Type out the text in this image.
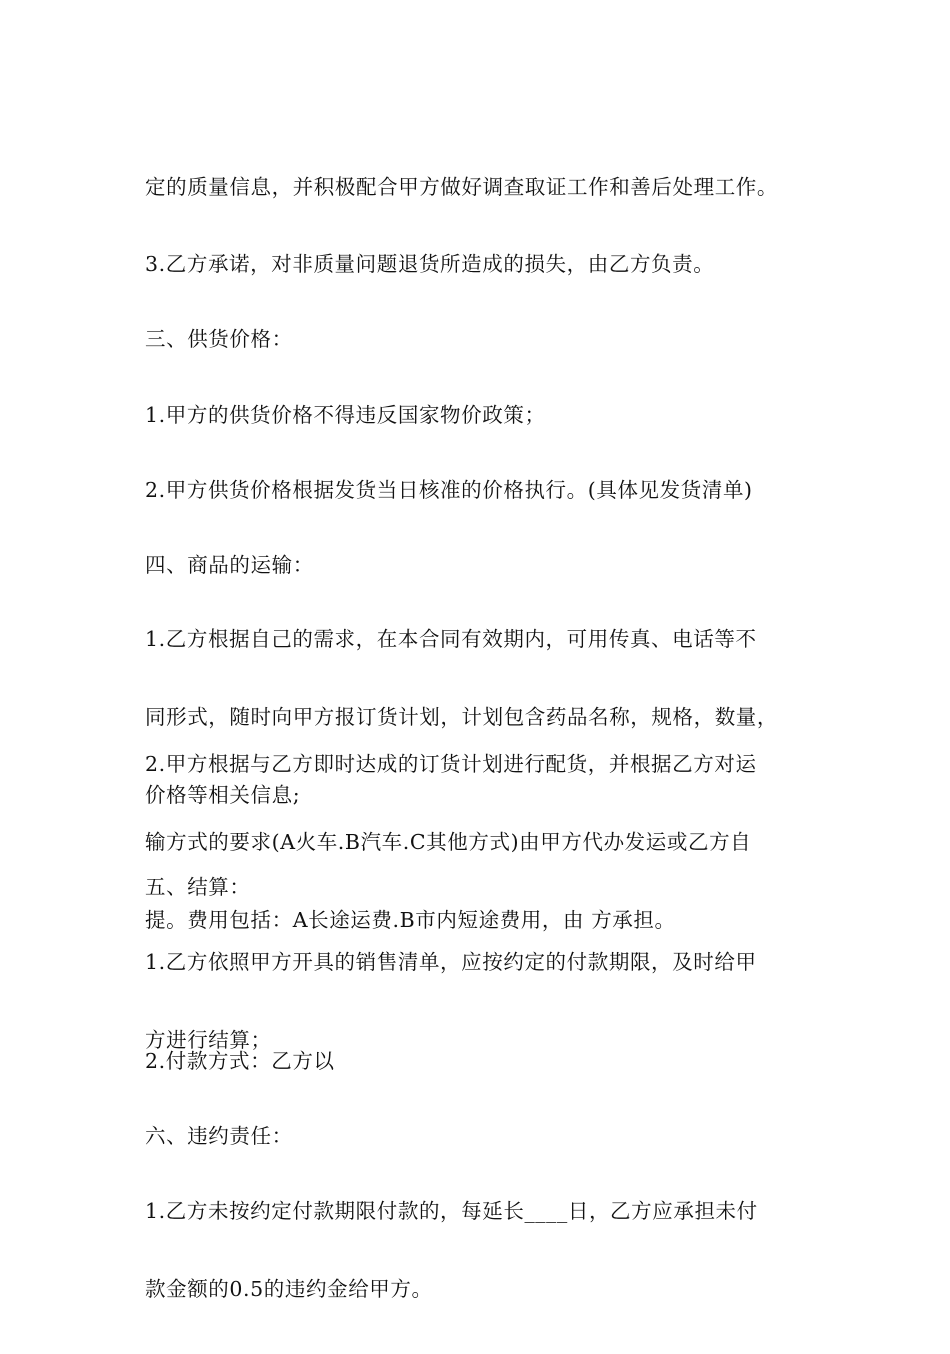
定的质量信息，并积极配合甲方做好调查取证工作和善后处理工作。

3.乙方承诺，对非质量问题退货所造成的损失，由乙方负责。

三、供货价格：

1.甲方的供货价格不得违反国家物价政策；

2.甲方供货价格根据发货当日核准的价格执行。(具体见发货清单)

四、商品的运输：

1.乙方根据自己的需求，在本合同有效期内，可用传真、电话等不

同形式，随时向甲方报订货计划，计划包含药品名称，规格，数量，

价格等相关信息;

2.甲方根据与乙方即时达成的订货计划进行配货，并根据乙方对运

输方式的要求(A火车.B汽车.C其他方式)由甲方代办发运或乙方自

提。费用包括：A长途运费.B市内短途费用，由 方承担。

五、结算：

1.乙方依照甲方开具的销售清单，应按约定的付款期限，及时给甲

方进行结算；

2.付款方式：乙方以

六、违约责任：

1.乙方未按约定付款期限付款的，每延长____日，乙方应承担未付

款金额的0.5的违约金给甲方。
